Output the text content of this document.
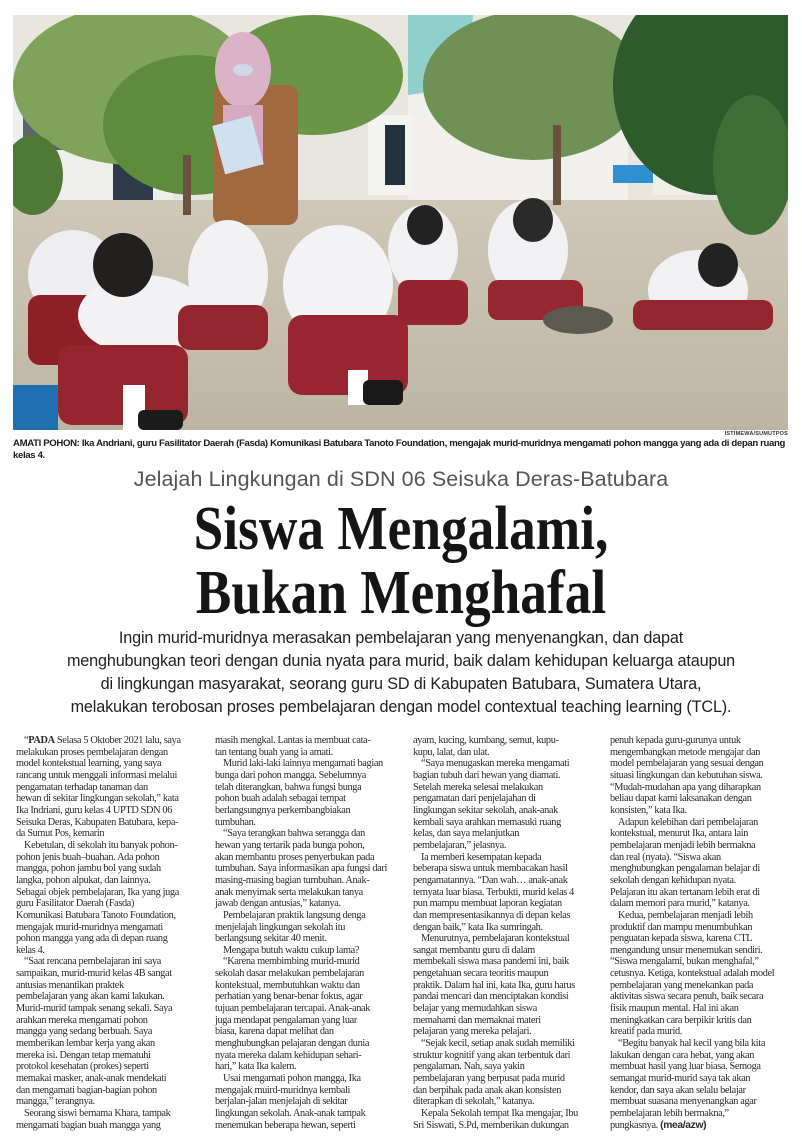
ISTIMEWA/SUMUTPOS
AMATI POHON: Ika Andriani, guru Fasilitator Daerah (Fasda) Komunikasi Batubara Tanoto Foundation, mengajak murid-muridnya mengamati pohon mangga yang ada di depan ruang kelas 4.
Jelajah Lingkungan di SDN 06 Seisuka Deras-Batubara
Siswa Mengalami,
Bukan Menghafal
Ingin murid-muridnya merasakan pembelajaran yang menyenangkan, dan dapat
menghubungkan teori dengan dunia nyata para murid, baik dalam kehidupan keluarga ataupun
di lingkungan masyarakat, seorang guru SD di Kabupaten Batubara, Sumatera Utara,
melakukan terobosan proses pembelajaran dengan model contextual teaching learning (TCL).
“PADA Selasa 5 Oktober 2021 lalu, saya
melakukan proses pembelajaran dengan
model kontekstual learning, yang saya
rancang untuk menggali informasi melalui
pengamatan terhadap tanaman dan
hewan di sekitar lingkungan sekolah,” kata
Ika Indriani, guru kelas 4 UPTD SDN 06
Seisuka Deras, Kabupaten Batubara, kepa-
da Sumut Pos, kemarin
Kebetulan, di sekolah itu banyak pohon-
pohon jenis buah–buahan. Ada pohon
mangga, pohon jambu bol yang sudah
langka, pohon alpukat, dan lainnya.
Sebagai objek pembelajaran, Ika yang juga
guru Fasilitator Daerah (Fasda)
Komunikasi Batubara Tanoto Foundation,
mengajak murid-muridnya mengamati
pohon mangga yang ada di depan ruang
kelas 4.
“Saat rencana pembelajaran ini saya
sampaikan, murid-murid kelas 4B sangat
antusias menantikan praktek
pembelajaran yang akan kami lakukan.
Murid-murid tampak senang sekali. Saya
arahkan mereka mengamati pohon
mangga yang sedang berbuah. Saya
memberikan lembar kerja yang akan
mereka isi. Dengan tetap mematuhi
protokol kesehatan (prokes) seperti
memakai masker, anak-anak mendekati
dan mengamati bagian-bagian pohon
mangga,” terangnya.
Seorang siswi bernama Khara, tampak
mengamati bagian buah mangga yang
masih mengkal. Lantas ia membuat cata-
tan tentang buah yang ia amati.
Murid laki-laki lainnya mengamati bagian
bunga dari pohon mangga. Sebelumnya
telah diterangkan, bahwa fungsi bunga
pohon buah adalah sebagai tempat
berlangsungnya perkembangbiakan
tumbuhan.
“Saya terangkan bahwa serangga dan
hewan yang tertarik pada bunga pohon,
akan membantu proses penyerbukan pada
tumbuhan. Saya informasikan apa fungsi dari
masing-masing bagian tumbuhan. Anak-
anak menyimak serta melakukan tanya
jawab dengan antusias,” katanya.
Pembelajaran praktik langsung denga
menjelajah lingkungan sekolah itu
berlangsung sekitar 40 menit.
Mengapa butuh waktu cukup lama?
“Karena membimbing murid-murid
sekolah dasar melakukan pembelajaran
kontekstual, membutuhkan waktu dan
perhatian yang benar-benar fokus, agar
tujuan pembelajaran tercapai. Anak-anak
juga mendapat pengalaman yang luar
biasa, karena dapat melihat dan
menghubungkan pelajaran dengan dunia
nyata mereka dalam kehidupan sehari-
hari,” kata Ika kalem.
Usai mengamati pohon mangga, Ika
mengajak muird-muridnya kembali
berjalan-jalan menjelajah di sekitar
lingkungan sekolah. Anak-anak tampak
menemukan beberapa hewan, seperti
ayam, kucing, kumbang, semut, kupu-
kupu, lalat, dan ulat.
“Saya menugaskan mereka mengamati
bagian tubuh dari hewan yang diamati.
Setelah mereka selesai melakukan
pengamatan dari penjelajahan di
lingkungan sekitar sekolah, anak-anak
kembali saya arahkan memasuki ruang
kelas, dan saya melanjutkan
pembelajaran,” jelasnya.
Ia memberi kesempatan kepada
beberapa siswa untuk membacakan hasil
pengamatannya. “Dan wah… anak-anak
ternyata luar biasa. Terbukti, murid kelas 4
pun mampu membuat laporan kegiatan
dan mempresentasikannya di depan kelas
dengan baik,” kata Ika sumringah.
Menurutnya, pembelajaran kontekstual
sangat membantu guru di dalam
membekali siswa masa pandemi ini, baik
pengetahuan secara teoritis maupun
praktik. Dalam hal ini, kata Ika, guru harus
pandai mencari dan menciptakan kondisi
belajar yang memudahkan siswa
memahami dan memaknai materi
pelajaran yang mereka pelajari.
“Sejak kecil, setiap anak sudah memiliki
struktur kognitif yang akan terbentuk dari
pengalaman. Nah, saya yakin
pembelajaran yang berpusat pada murid
dan berpihak pada anak akan konsisten
diterapkan di sekolah,” katanya.
Kepala Sekolah tempat Ika mengajar, Ibu
Sri Siswati, S.Pd, memberikan dukungan
penuh kepada guru-gurunya untuk
mengembangkan metode mengajar dan
model pembelajaran yang sesuai dengan
situasi lingkungan dan kebutuhan siswa.
“Mudah-mudahan apa yang diharapkan
beliau dapat kami laksanakan dengan
konsisten,” kata Ika.
Adapun kelebihan dari pembelajaran
kontekstual, menurut Ika, antara lain
pembelajaran menjadi lebih bermakna
dan real (nyata). “Siswa akan
menghubungkan pengalaman belajar di
sekolah dengan kehidupan nyata.
Pelajaran itu akan tertanam lebih erat di
dalam memori para murid,” katanya.
Kedua, pembelajaran menjadi lebih
produktif dan mampu menumbuhkan
penguatan kepada siswa, karena CTL
mengandung unsur menemukan sendiri.
“Siswa mengalami, bukan menghafal,”
cetusnya. Ketiga, kontekstual adalah model
pembelajaran yang menekankan pada
aktivitas siswa secara penuh, baik secara
fisik maupun mental. Hal ini akan
meningkatkan cara berpikir kritis dan
kreatif pada murid.
“Begitu banyak hal kecil yang bila kita
lakukan dengan cara hebat, yang akan
membuat hasil yang luar biasa. Semoga
semangat murid-murid saya tak akan
kendor, dan saya akan selalu belajar
membuat suasana menyenangkan agar
pembelajaran lebih bermakna,”
pungkasnya. (mea/azw)
